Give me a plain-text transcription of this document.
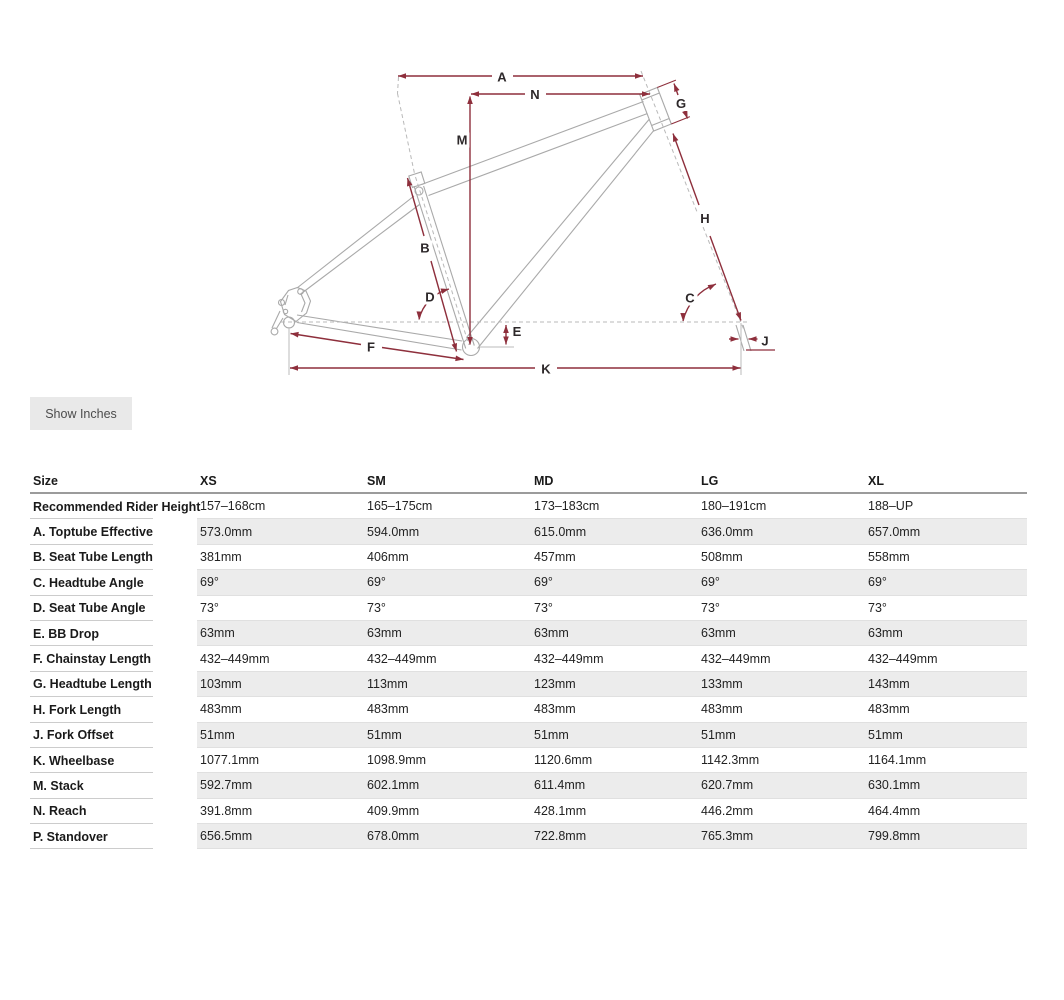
A
N
M
B
D
E
F
K
G
H
C
J
Show Inches
Size	XS	SM	MD	LG	XL
Recommended Rider Height 157–168cm	165–175cm	173–183cm	180–191cm	188–UP
A. Toptube Effective	573.0mm	594.0mm	615.0mm	636.0mm	657.0mm
B. Seat Tube Length	381mm	406mm	457mm	508mm	558mm
C. Headtube Angle	69°	69°	69°	69°	69°
D. Seat Tube Angle	73°	73°	73°	73°	73°
E. BB Drop	63mm	63mm	63mm	63mm	63mm
F. Chainstay Length	432–449mm	432–449mm	432–449mm	432–449mm	432–449mm
G. Headtube Length	103mm	113mm	123mm	133mm	143mm
H. Fork Length	483mm	483mm	483mm	483mm	483mm
J. Fork Offset	51mm	51mm	51mm	51mm	51mm
K. Wheelbase	1077.1mm	1098.9mm	1120.6mm	1142.3mm	1164.1mm
M. Stack	592.7mm	602.1mm	611.4mm	620.7mm	630.1mm
N. Reach	391.8mm	409.9mm	428.1mm	446.2mm	464.4mm
P. Standover	656.5mm	678.0mm	722.8mm	765.3mm	799.8mm
